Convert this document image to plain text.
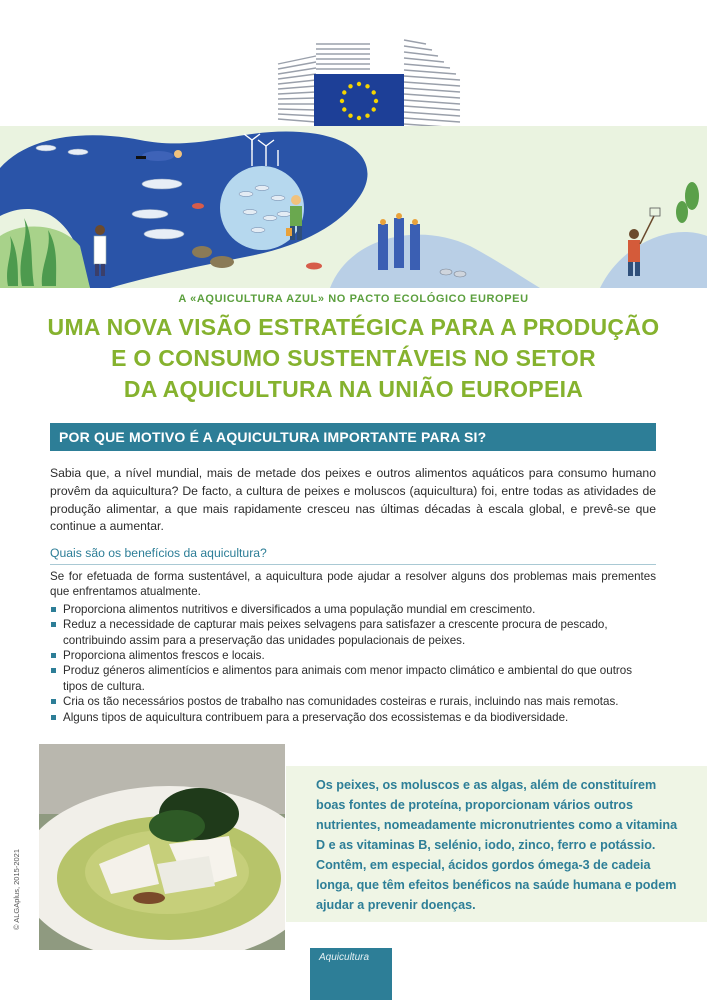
A «AQUICULTURA AZUL» NO PACTO ECOLÓGICO EUROPEU
UMA NOVA VISÃO ESTRATÉGICA PARA A PRODUÇÃO
E O CONSUMO SUSTENTÁVEIS NO SETOR
DA AQUICULTURA NA UNIÃO EUROPEIA
POR QUE MOTIVO É A AQUICULTURA IMPORTANTE PARA SI?

Sabia que, a nível mundial, mais de metade dos peixes e outros alimentos aquáticos para consumo humano provêm da aquicultura? De facto, a cultura de peixes e moluscos (aquicultura) foi, entre todas as atividades de produção alimentar, a que mais rapidamente cresceu nas últimas décadas à escala global, e prevê-se que continue a aumentar.

Quais são os benefícios da aquicultura?

Se for efetuada de forma sustentável, a aquicultura pode ajudar a resolver alguns dos problemas mais prementes que enfrentamos atualmente.

Proporciona alimentos nutritivos e diversificados a uma população mundial em crescimento.
Reduz a necessidade de capturar mais peixes selvagens para satisfazer a crescente procura de pescado, contribuindo assim para a preservação das unidades populacionais de peixes.
Proporciona alimentos frescos e locais.
Produz géneros alimentícios e alimentos para animais com menor impacto climático e ambiental do que outros tipos de cultura.
Cria os tão necessários postos de trabalho nas comunidades costeiras e rurais, incluindo nas mais remotas.
Alguns tipos de aquicultura contribuem para a preservação dos ecossistemas e da biodiversidade.
© ALGAplus, 2015-2021

Os peixes, os moluscos e as algas, além de constituírem boas fontes de proteína, proporcionam vários outros nutrientes, nomeadamente micronutrientes como a vitamina D e as vitaminas B, selénio, iodo, zinco, ferro e potássio. Contêm, em especial, ácidos gordos ómega-3 de cadeia longa, que têm efeitos benéficos na saúde humana e podem ajudar a prevenir doenças.

Aquicultura
